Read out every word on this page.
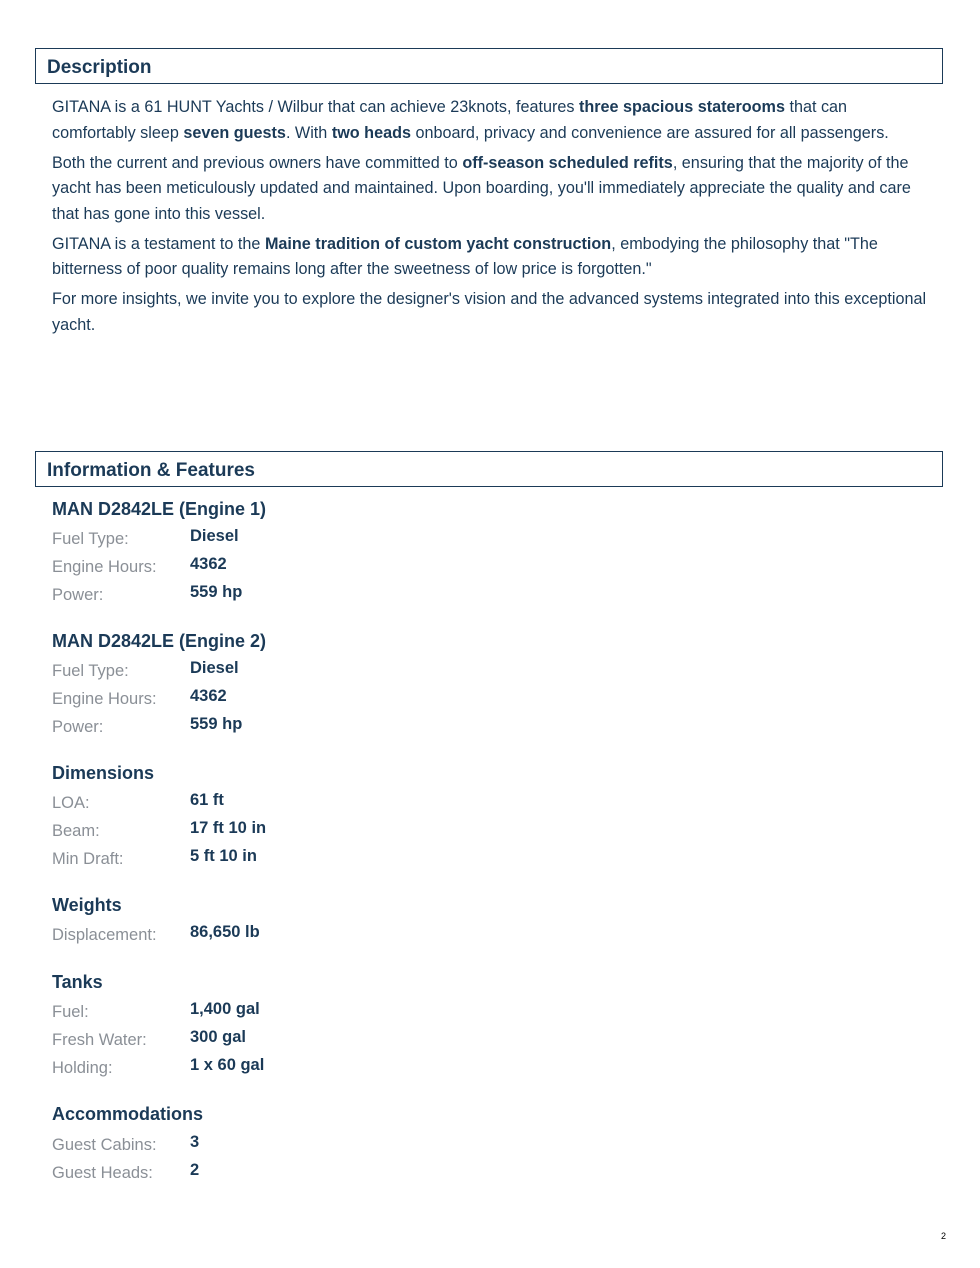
Description

GITANA is a 61 HUNT Yachts / Wilbur that can achieve 23knots, features three spacious staterooms that can comfortably sleep seven guests. With two heads onboard, privacy and convenience are assured for all passengers.

Both the current and previous owners have committed to off-season scheduled refits, ensuring that the majority of the yacht has been meticulously updated and maintained. Upon boarding, you'll immediately appreciate the quality and care that has gone into this vessel.

GITANA is a testament to the Maine tradition of custom yacht construction, embodying the philosophy that "The bitterness of poor quality remains long after the sweetness of low price is forgotten."

For more insights, we invite you to explore the designer's vision and the advanced systems integrated into this exceptional yacht.

Information & Features
MAN D2842LE (Engine 1)
Fuel Type:	Diesel
Engine Hours: 4362
Power:	559 hp
MAN D2842LE (Engine 2)
Fuel Type:	Diesel
Engine Hours: 4362
Power:	559 hp
Dimensions
LOA:	61 ft
Beam:	17 ft 10 in
Min Draft:	5 ft 10 in
Weights
Displacement: 86,650 lb
Tanks
Fuel:	1,400 gal
Fresh Water:	300 gal
Holding:	1 x 60 gal
Accommodations
Guest Cabins: 3
Guest Heads: 2
2
